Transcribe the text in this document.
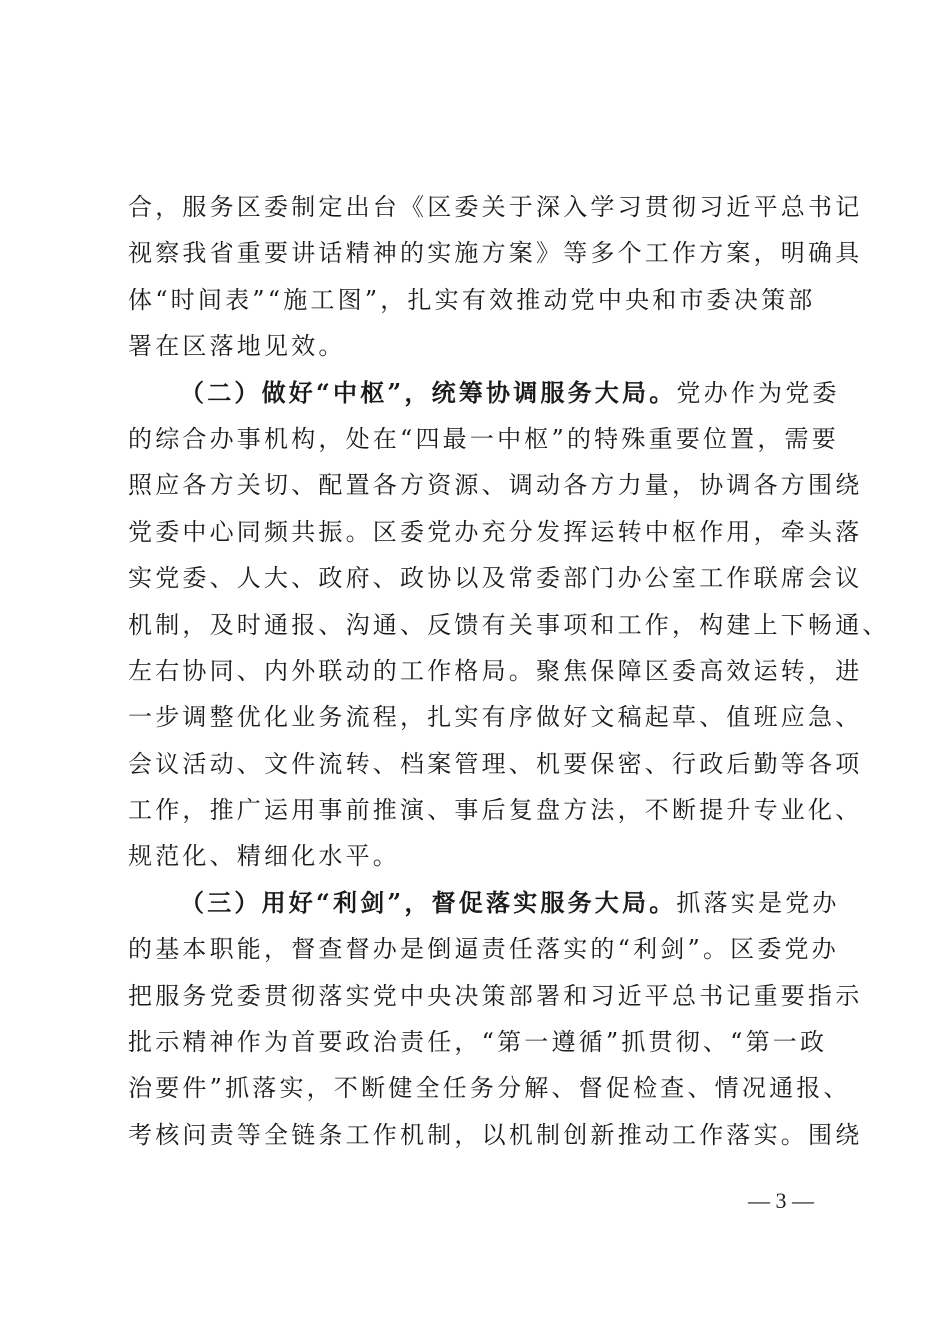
合，服务区委制定出台《区委关于深入学习贯彻习近平总书记
视察我省重要讲话精神的实施方案》等多个工作方案，明确具
体“时间表”“施工图”，扎实有效推动党中央和市委决策部
署在区落地见效。
（二）做好“中枢”，统筹协调服务大局。党办作为党委
的综合办事机构，处在“四最一中枢”的特殊重要位置，需要
照应各方关切、配置各方资源、调动各方力量，协调各方围绕
党委中心同频共振。区委党办充分发挥运转中枢作用，牵头落
实党委、人大、政府、政协以及常委部门办公室工作联席会议
机制，及时通报、沟通、反馈有关事项和工作，构建上下畅通、
左右协同、内外联动的工作格局。聚焦保障区委高效运转，进
一步调整优化业务流程，扎实有序做好文稿起草、值班应急、
会议活动、文件流转、档案管理、机要保密、行政后勤等各项
工作，推广运用事前推演、事后复盘方法，不断提升专业化、
规范化、精细化水平。
（三）用好“利剑”，督促落实服务大局。抓落实是党办
的基本职能，督查督办是倒逼责任落实的“利剑”。区委党办
把服务党委贯彻落实党中央决策部署和习近平总书记重要指示
批示精神作为首要政治责任，“第一遵循”抓贯彻、“第一政
治要件”抓落实，不断健全任务分解、督促检查、情况通报、
考核问责等全链条工作机制，以机制创新推动工作落实。围绕
— 3 —
